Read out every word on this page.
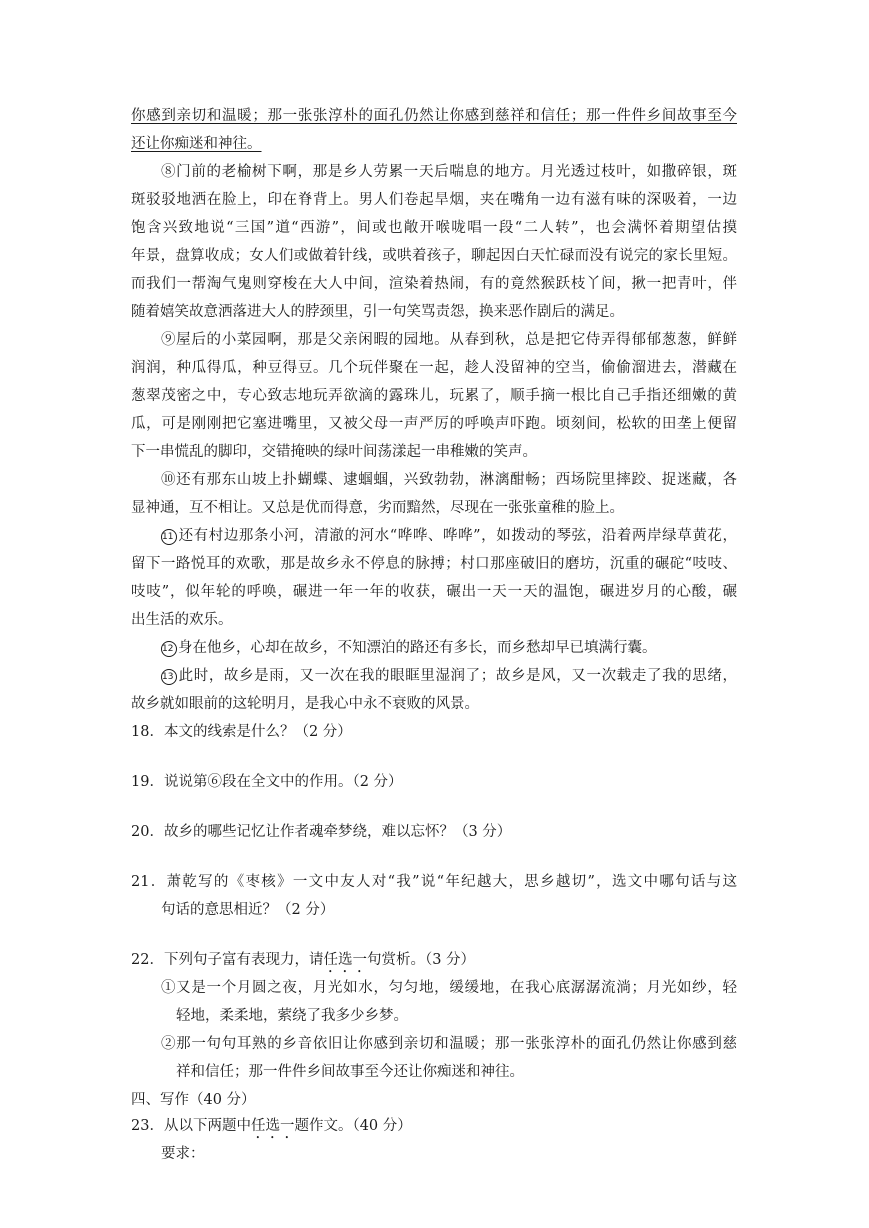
你感到亲切和温暖；那一张张淳朴的面孔仍然让你感到慈祥和信任；那一件件乡间故事至今
还让你痴迷和神往。
⑧门前的老榆树下啊，那是乡人劳累一天后喘息的地方。月光透过枝叶，如撒碎银，斑
斑驳驳地洒在脸上，印在脊背上。男人们卷起旱烟，夹在嘴角一边有滋有味的深吸着，一边
饱含兴致地说“三国”道“西游”，间或也敞开喉咙唱一段“二人转”，也会满怀着期望估摸
年景，盘算收成；女人们或做着针线，或哄着孩子，聊起因白天忙碌而没有说完的家长里短。
而我们一帮淘气鬼则穿梭在大人中间，渲染着热闹，有的竟然猴跃枝丫间，揪一把青叶，伴
随着嬉笑故意洒落进大人的脖颈里，引一句笑骂责怨，换来恶作剧后的满足。
⑨屋后的小菜园啊，那是父亲闲暇的园地。从春到秋，总是把它侍弄得郁郁葱葱，鲜鲜
润润，种瓜得瓜，种豆得豆。几个玩伴聚在一起，趁人没留神的空当，偷偷溜进去，潜藏在
葱翠茂密之中，专心致志地玩弄欲滴的露珠儿，玩累了，顺手摘一根比自己手指还细嫩的黄
瓜，可是刚刚把它塞进嘴里，又被父母一声严厉的呼唤声吓跑。顷刻间，松软的田垄上便留
下一串慌乱的脚印，交错掩映的绿叶间荡漾起一串稚嫩的笑声。
⑩还有那东山坡上扑蝴蝶、逮蝈蝈，兴致勃勃，淋漓酣畅；西场院里摔跤、捉迷藏，各
显神通，互不相让。又总是优而得意，劣而黯然，尽现在一张张童稚的脸上。
11 还有村边那条小河，清澈的河水“哗哗、哗哗”，如拨动的琴弦，沿着两岸绿草黄花，
留下一路悦耳的欢歌，那是故乡永不停息的脉搏；村口那座破旧的磨坊，沉重的碾砣“吱吱、
吱吱”，似年轮的呼唤，碾进一年一年的收获，碾出一天一天的温饱，碾进岁月的心酸，碾
出生活的欢乐。
12 身在他乡，心却在故乡，不知漂泊的路还有多长，而乡愁却早已填满行囊。
13 此时，故乡是雨，又一次在我的眼眶里湿润了；故乡是风，又一次载走了我的思绪，
故乡就如眼前的这轮明月，是我心中永不衰败的风景。
18．本文的线索是什么？（2 分）
19．说说第⑥段在全文中的作用。（2 分）
20．故乡的哪些记忆让作者魂牵梦绕，难以忘怀？（3 分）
21．萧乾写的《枣核》一文中友人对“我”说“年纪越大，思乡越切”，选文中哪句话与这
句话的意思相近？（2 分）
22．下列句子富有表现力，请任选一句赏析。（3 分）
①又是一个月圆之夜，月光如水，匀匀地，缓缓地，在我心底潺潺流淌；月光如纱，轻
轻地，柔柔地，萦绕了我多少乡梦。
②那一句句耳熟的乡音依旧让你感到亲切和温暖；那一张张淳朴的面孔仍然让你感到慈
祥和信任；那一件件乡间故事至今还让你痴迷和神往。
四、写作（40 分）
23．从以下两题中任选一题作文。（40 分）
要求：
